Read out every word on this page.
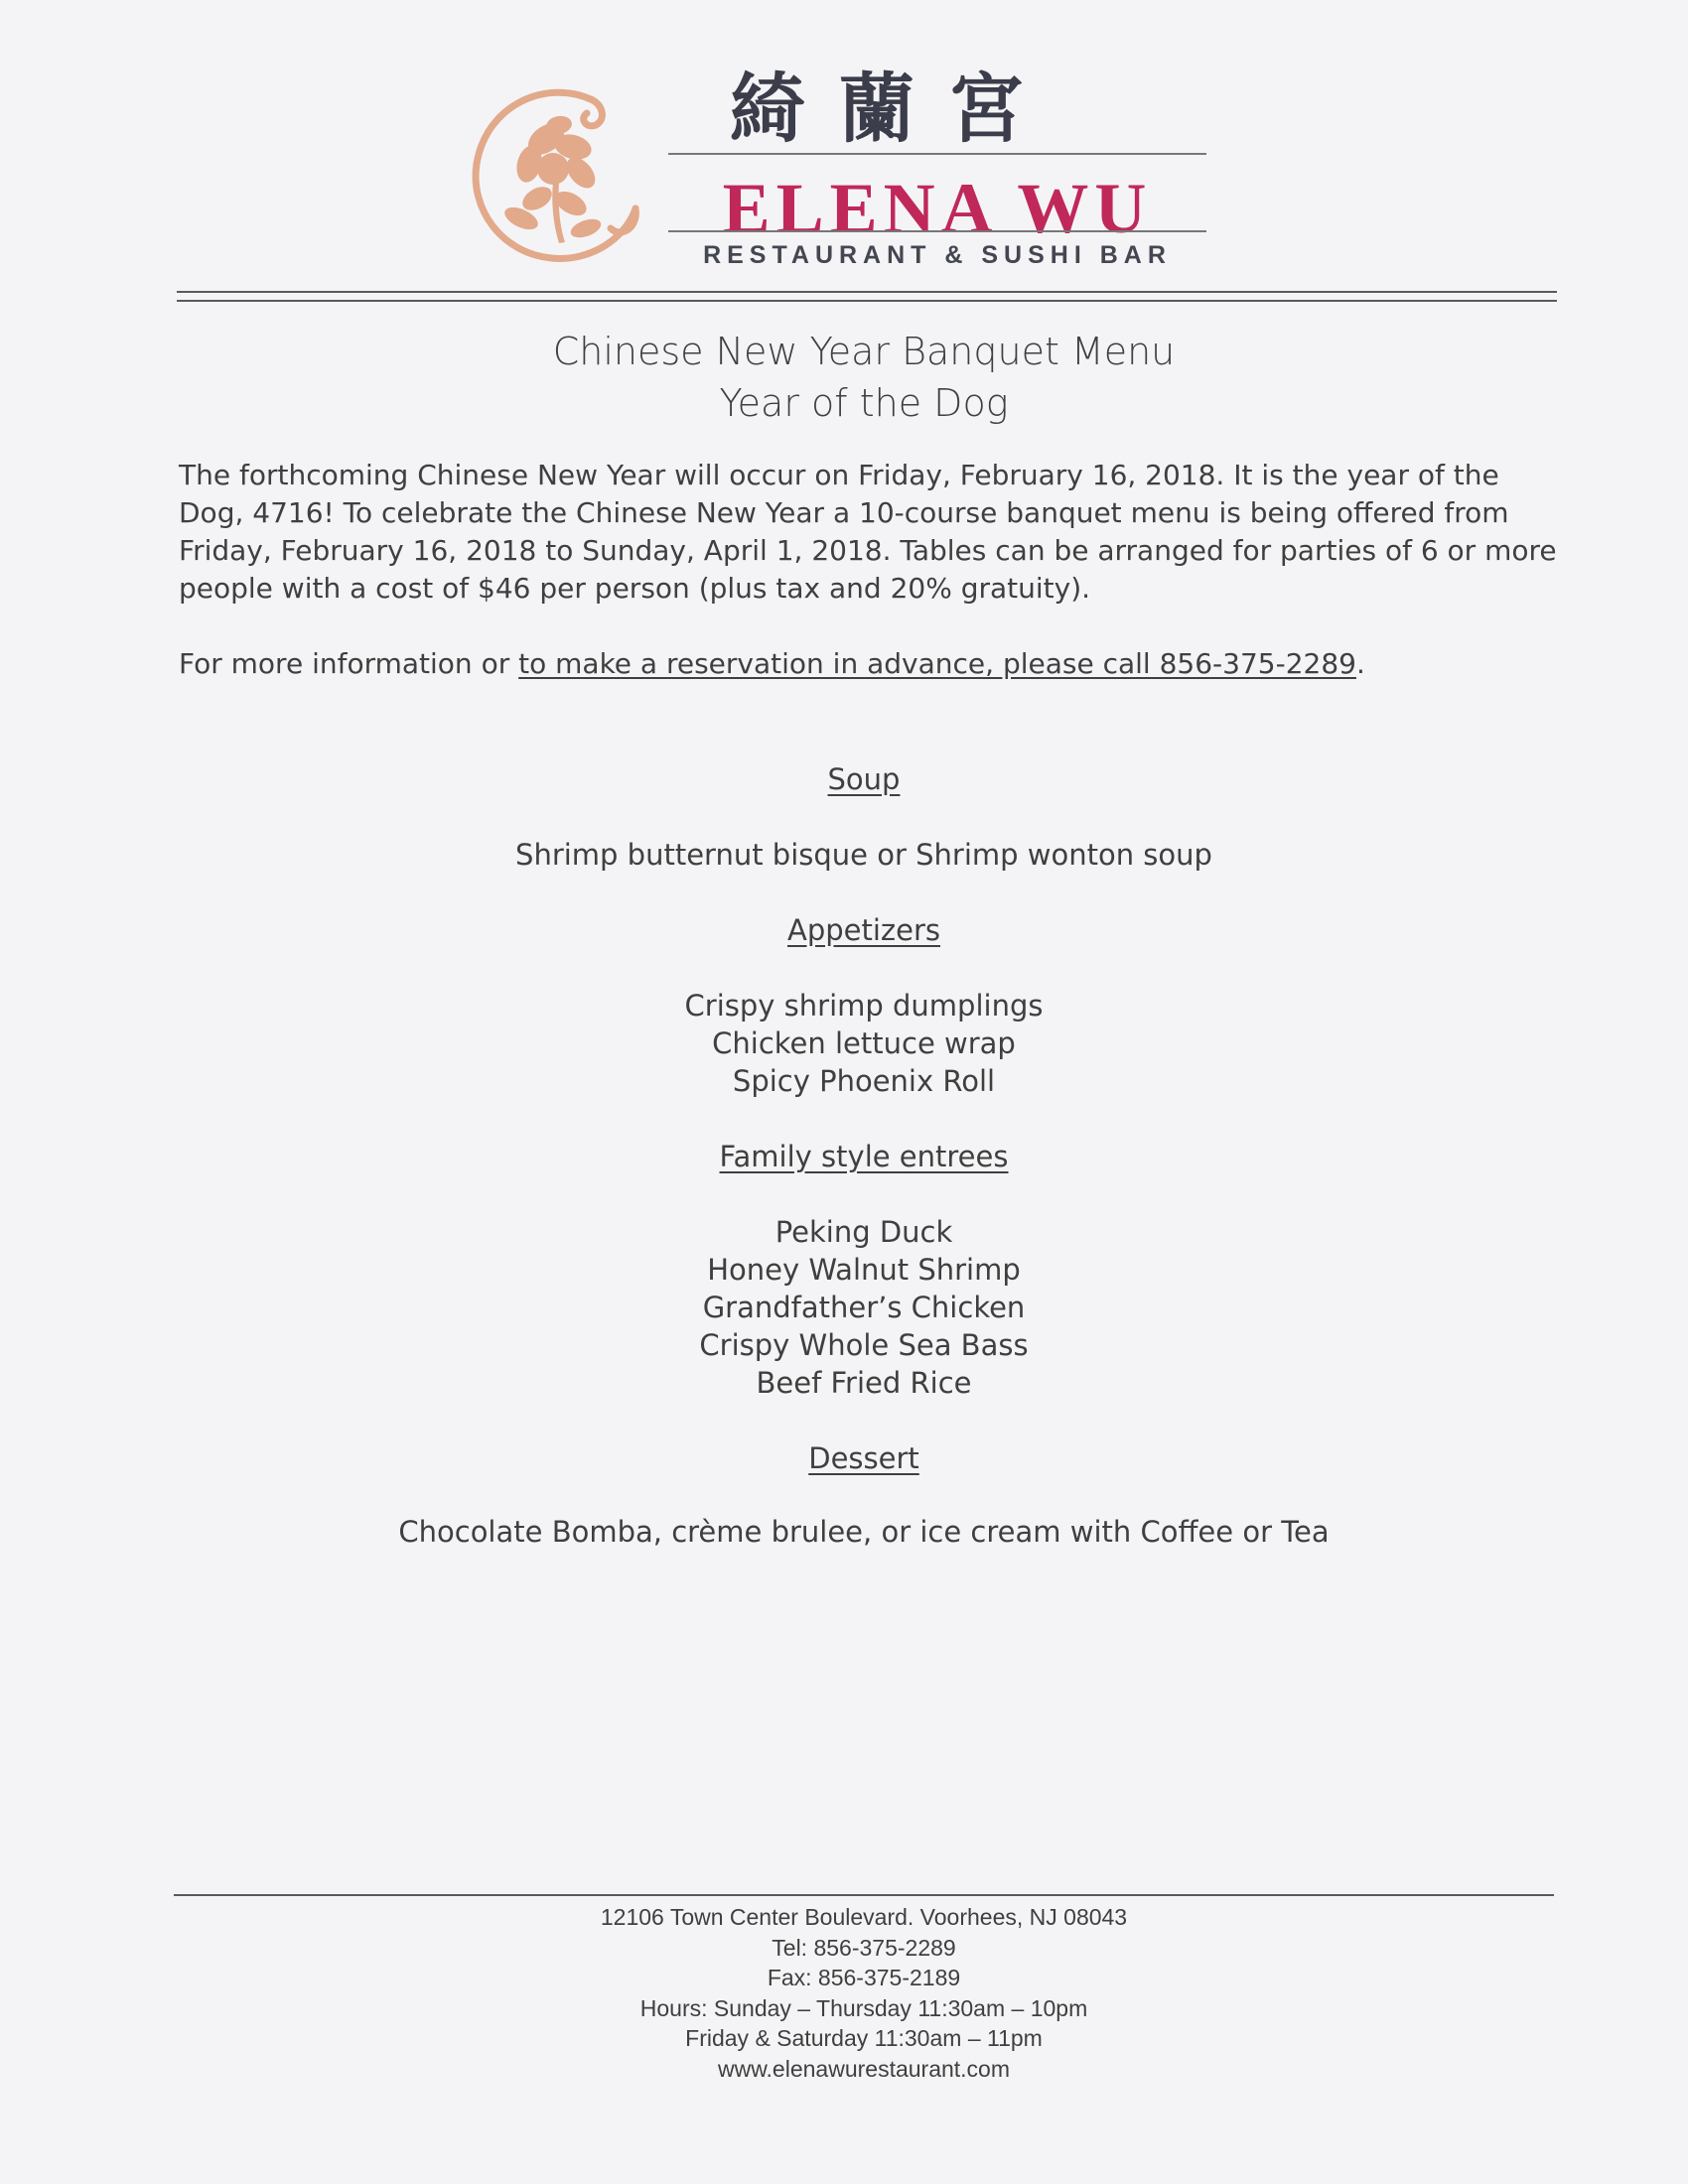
綺蘭宮
ELENA WU
RESTAURANT & SUSHI BAR
Chinese New Year Banquet Menu
Year of the Dog
The forthcoming Chinese New Year will occur on Friday, February 16, 2018. It is the year of the Dog, 4716! To celebrate the Chinese New Year a 10-course banquet menu is being offered from Friday, February 16, 2018 to Sunday, April 1, 2018. Tables can be arranged for parties of 6 or more people with a cost of $46 per person (plus tax and 20% gratuity).
For more information or to make a reservation in advance, please call 856-375-2289.
Soup
Shrimp butternut bisque or Shrimp wonton soup
Appetizers
Crispy shrimp dumplings
Chicken lettuce wrap
Spicy Phoenix Roll
Family style entrees
Peking Duck
Honey Walnut Shrimp
Grandfather’s Chicken
Crispy Whole Sea Bass
Beef Fried Rice
Dessert
Chocolate Bomba, crème brulee, or ice cream with Coffee or Tea
12106 Town Center Boulevard. Voorhees, NJ 08043
Tel: 856-375-2289
Fax: 856-375-2189
Hours: Sunday – Thursday 11:30am – 10pm
Friday & Saturday 11:30am – 11pm
www.elenawurestaurant.com
